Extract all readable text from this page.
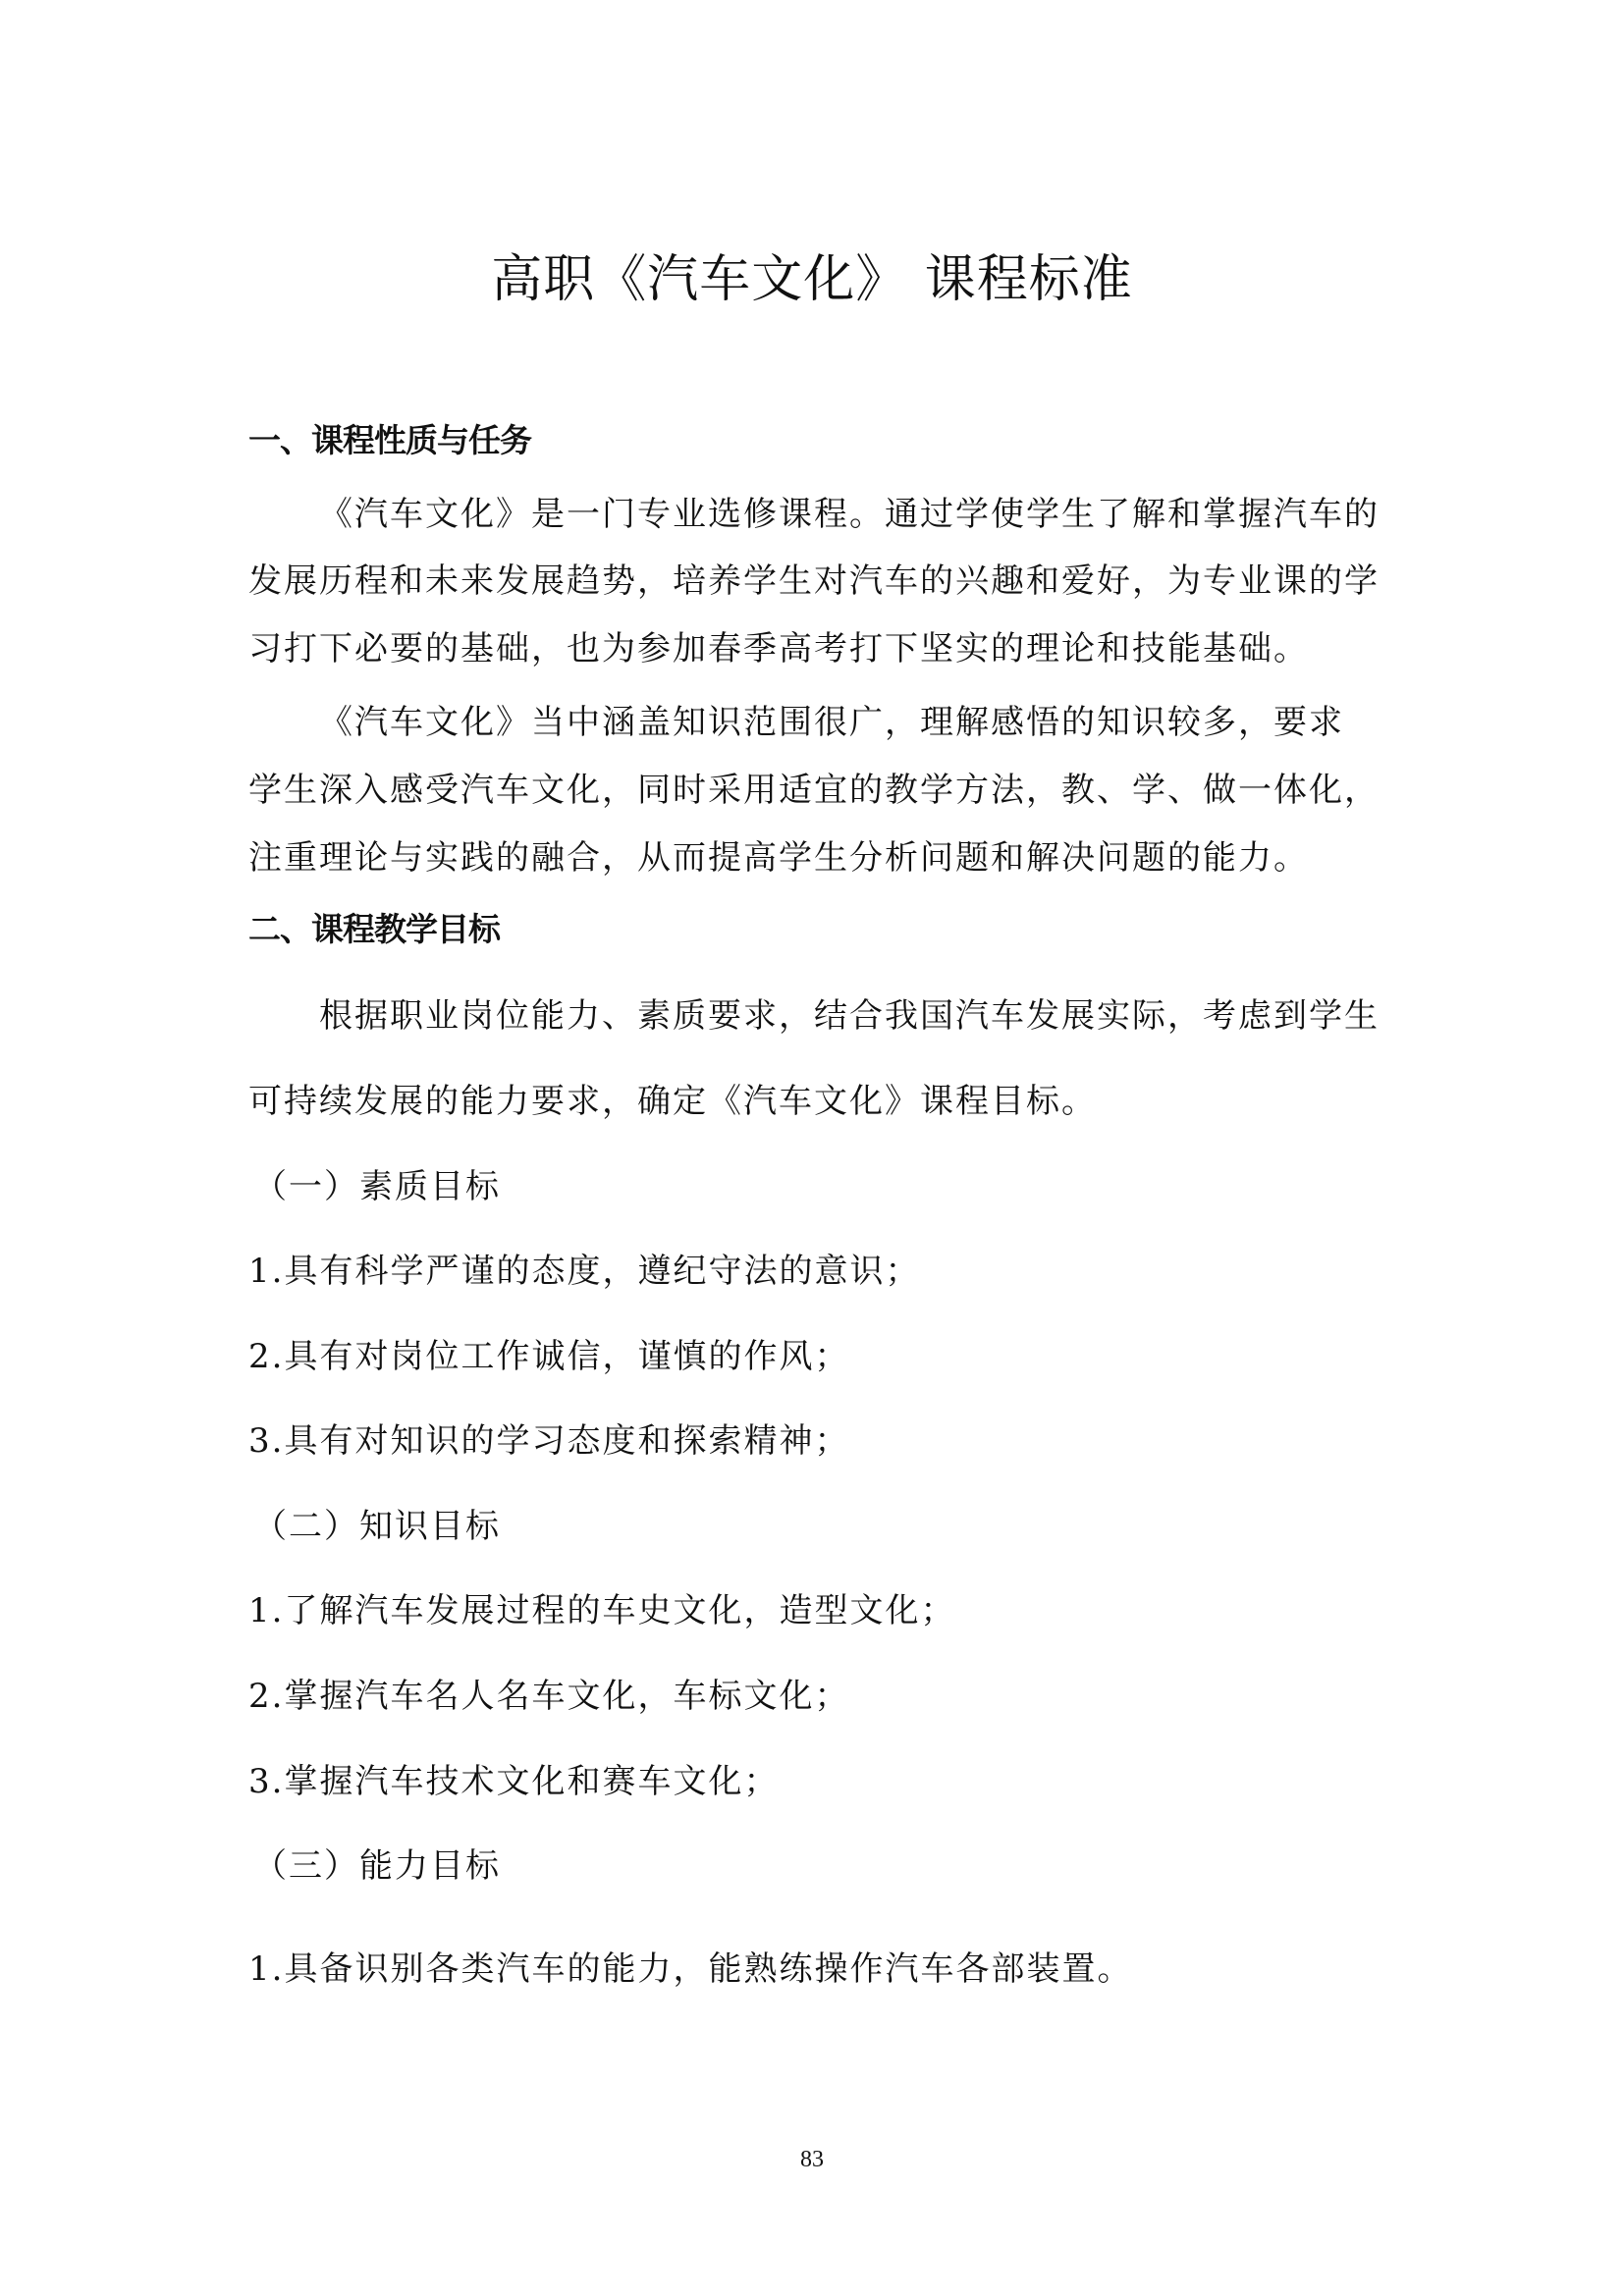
高职《汽车文化》 课程标准
一、课程性质与任务
《汽车文化》是一门专业选修课程。通过学使学生了解和掌握汽车的
发展历程和未来发展趋势，培养学生对汽车的兴趣和爱好，为专业课的学
习打下必要的基础，也为参加春季高考打下坚实的理论和技能基础。
《汽车文化》当中涵盖知识范围很广，理解感悟的知识较多，要求
学生深入感受汽车文化，同时采用适宜的教学方法，教、学、做一体化，
注重理论与实践的融合，从而提高学生分析问题和解决问题的能力。
二、课程教学目标
根据职业岗位能力、素质要求，结合我国汽车发展实际，考虑到学生
可持续发展的能力要求，确定《汽车文化》课程目标。
（一）素质目标
1.具有科学严谨的态度，遵纪守法的意识；
2.具有对岗位工作诚信，谨慎的作风；
3.具有对知识的学习态度和探索精神；
（二）知识目标
1.了解汽车发展过程的车史文化，造型文化；
2.掌握汽车名人名车文化，车标文化；
3.掌握汽车技术文化和赛车文化；
（三）能力目标
1.具备识别各类汽车的能力，能熟练操作汽车各部装置。
83
